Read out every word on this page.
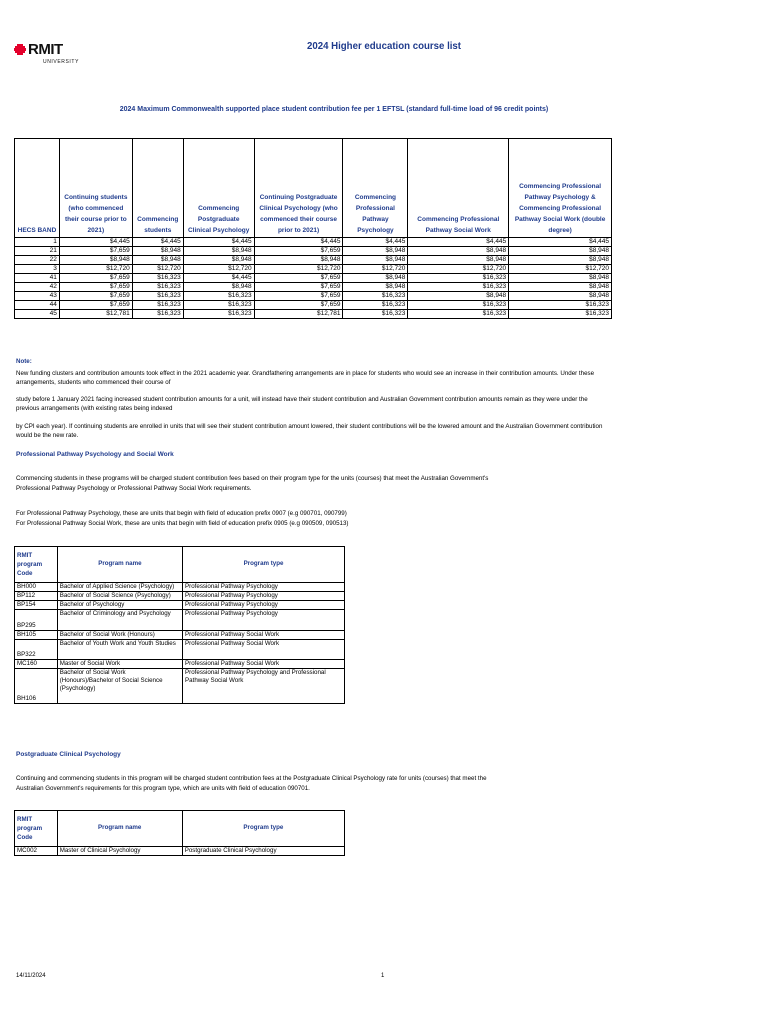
RMIT
UNIVERSITY
2024 Higher education course list
2024 Maximum Commonwealth supported place student contribution fee per 1 EFTSL (standard full-time load of 96 credit points)
HECS BAND	Continuing students (who commenced their course prior to 2021)	Commencing students	Commencing Postgraduate Clinical Psychology	Continuing Postgraduate Clinical Psychology (who commenced their course prior to 2021)	Commencing Professional Pathway Psychology	Commencing Professional Pathway Social Work	Commencing Professional Pathway Psychology & Commencing Professional Pathway Social Work (double degree)
1	$4,445	$4,445	$4,445	$4,445	$4,445	$4,445	$4,445
21	$7,659	$8,948	$8,948	$7,659	$8,948	$8,948	$8,948
22	$8,948	$8,948	$8,948	$8,948	$8,948	$8,948	$8,948
3	$12,720	$12,720	$12,720	$12,720	$12,720	$12,720	$12,720
41	$7,659	$16,323	$4,445	$7,659	$8,948	$16,323	$8,948
42	$7,659	$16,323	$8,948	$7,659	$8,948	$16,323	$8,948
43	$7,659	$16,323	$16,323	$7,659	$16,323	$8,948	$8,948
44	$7,659	$16,323	$16,323	$7,659	$16,323	$16,323	$16,323
45	$12,781	$16,323	$16,323	$12,781	$16,323	$16,323	$16,323
Note:
New funding clusters and contribution amounts took effect in the 2021 academic year. Grandfathering arrangements are in place for students who would see an increase in their contribution amounts. Under these arrangements, students who commenced their course of
study before 1 January 2021 facing increased student contribution amounts for a unit, will instead have their student contribution and Australian Government contribution amounts remain as they were under the previous arrangements (with existing rates being indexed
by CPI each year). If continuing students are enrolled in units that will see their student contribution amount lowered, their student contributions will be the lowered amount and the Australian Government contribution would be the new rate.
Professional Pathway Psychology and Social Work
Commencing students in these programs will be charged student contribution fees based on their program type for the units (courses) that meet the Australian Government's
Professional Pathway Psychology or Professional Pathway Social Work requirements.
For Professional Pathway Psychology, these are units that begin with field of education prefix 0907 (e.g 090701, 090799)
For Professional Pathway Social Work, these are units that begin with field of education prefix 0905 (e.g 090509, 090513)
RMIT program Code	Program name	Program type
BH000	Bachelor of Applied Science (Psychology)	Professional Pathway Psychology
BP112	Bachelor of Social Science (Psychology)	Professional Pathway Psychology
BP154	Bachelor of Psychology	Professional Pathway Psychology
BP295	Bachelor of Criminology and Psychology	Professional Pathway Psychology
BH105	Bachelor of Social Work (Honours)	Professional Pathway Social Work
BP322	Bachelor of Youth Work and Youth Studies	Professional Pathway Social Work
MC160	Master of Social Work	Professional Pathway Social Work
BH106	Bachelor of Social Work (Honours)/Bachelor of Social Science (Psychology)	Professional Pathway Psychology and Professional Pathway Social Work
Postgraduate Clinical Psychology
Continuing and commencing students in this program will be charged student contribution fees at the Postgraduate Clinical Psychology rate for units (courses) that meet the
Australian Government's requirements for this program type, which are units with field of education 090701.
RMIT program Code	Program name	Program type
MC002	Master of Clinical Psychology	Postgraduate Clinical Psychology
14/11/2024	1
